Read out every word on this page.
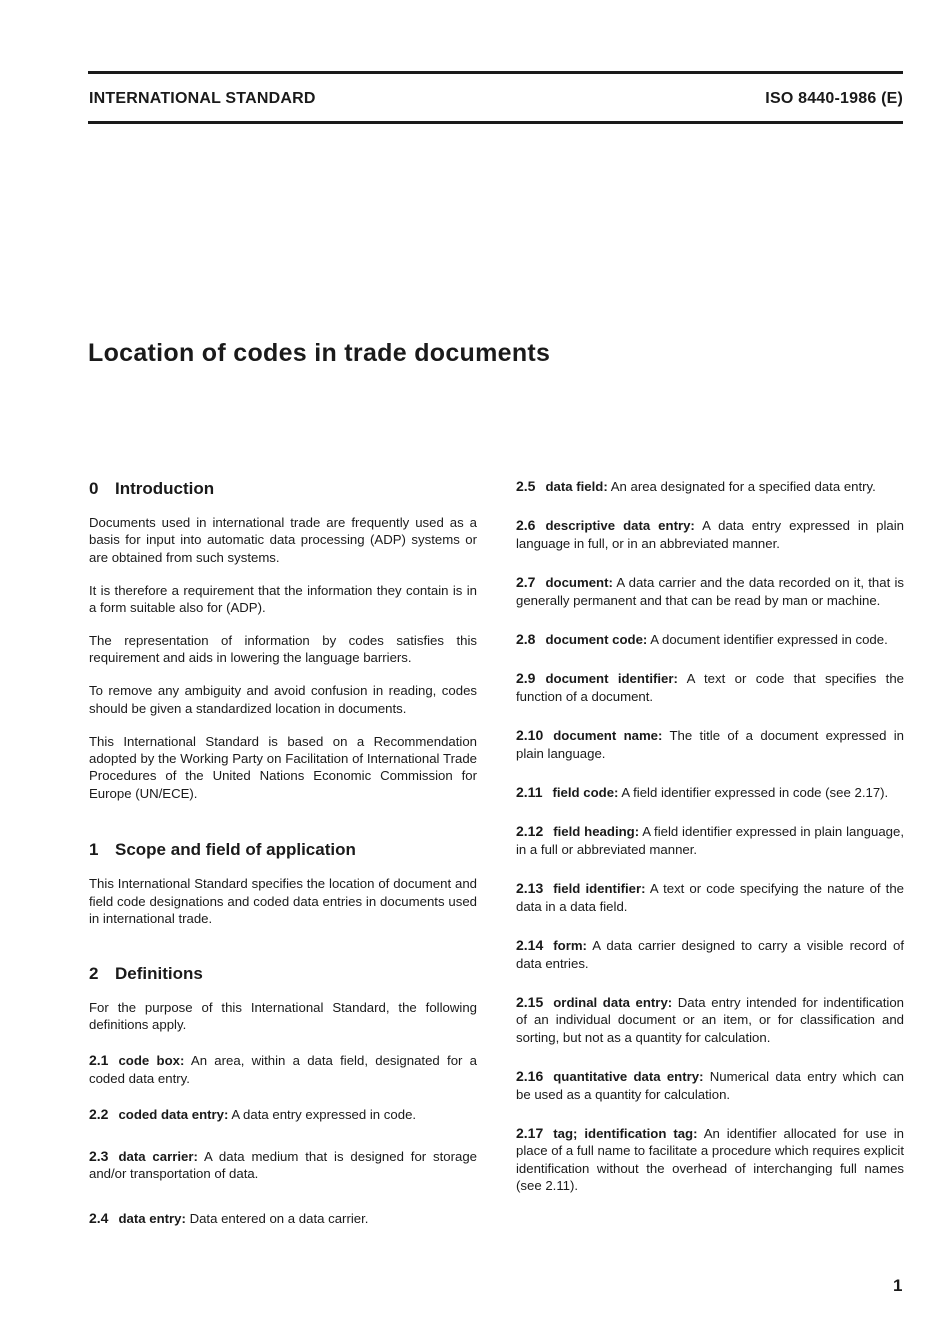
INTERNATIONAL STANDARD	ISO 8440-1986 (E)
Location of codes in trade documents
0 Introduction

Documents used in international trade are frequently used as a basis for input into automatic data processing (ADP) systems or are obtained from such systems.

It is therefore a requirement that the information they contain is in a form suitable also for (ADP).

The representation of information by codes satisfies this requirement and aids in lowering the language barriers.

To remove any ambiguity and avoid confusion in reading, codes should be given a standardized location in documents.

This International Standard is based on a Recommendation adopted by the Working Party on Facilitation of International Trade Procedures of the United Nations Economic Commission for Europe (UN/ECE).

1 Scope and field of application

This International Standard specifies the location of document and field code designations and coded data entries in documents used in international trade.

2 Definitions

For the purpose of this International Standard, the following definitions apply.

2.1 code box: An area, within a data field, designated for a coded data entry.
2.2 coded data entry: A data entry expressed in code.
2.3 data carrier: A data medium that is designed for storage and/or transportation of data.
2.4 data entry: Data entered on a data carrier.
2.5 data field: An area designated for a specified data entry.
2.6 descriptive data entry: A data entry expressed in plain language in full, or in an abbreviated manner.
2.7 document: A data carrier and the data recorded on it, that is generally permanent and that can be read by man or machine.
2.8 document code: A document identifier expressed in code.
2.9 document identifier: A text or code that specifies the function of a document.
2.10 document name: The title of a document expressed in plain language.
2.11 field code: A field identifier expressed in code (see 2.17).
2.12 field heading: A field identifier expressed in plain language, in a full or abbreviated manner.
2.13 field identifier: A text or code specifying the nature of the data in a data field.
2.14 form: A data carrier designed to carry a visible record of data entries.
2.15 ordinal data entry: Data entry intended for indentification of an individual document or an item, or for classification and sorting, but not as a quantity for calculation.
2.16 quantitative data entry: Numerical data entry which can be used as a quantity for calculation.
2.17 tag; identification tag: An identifier allocated for use in place of a full name to facilitate a procedure which requires explicit identification without the overhead of interchanging full names (see 2.11).
1
